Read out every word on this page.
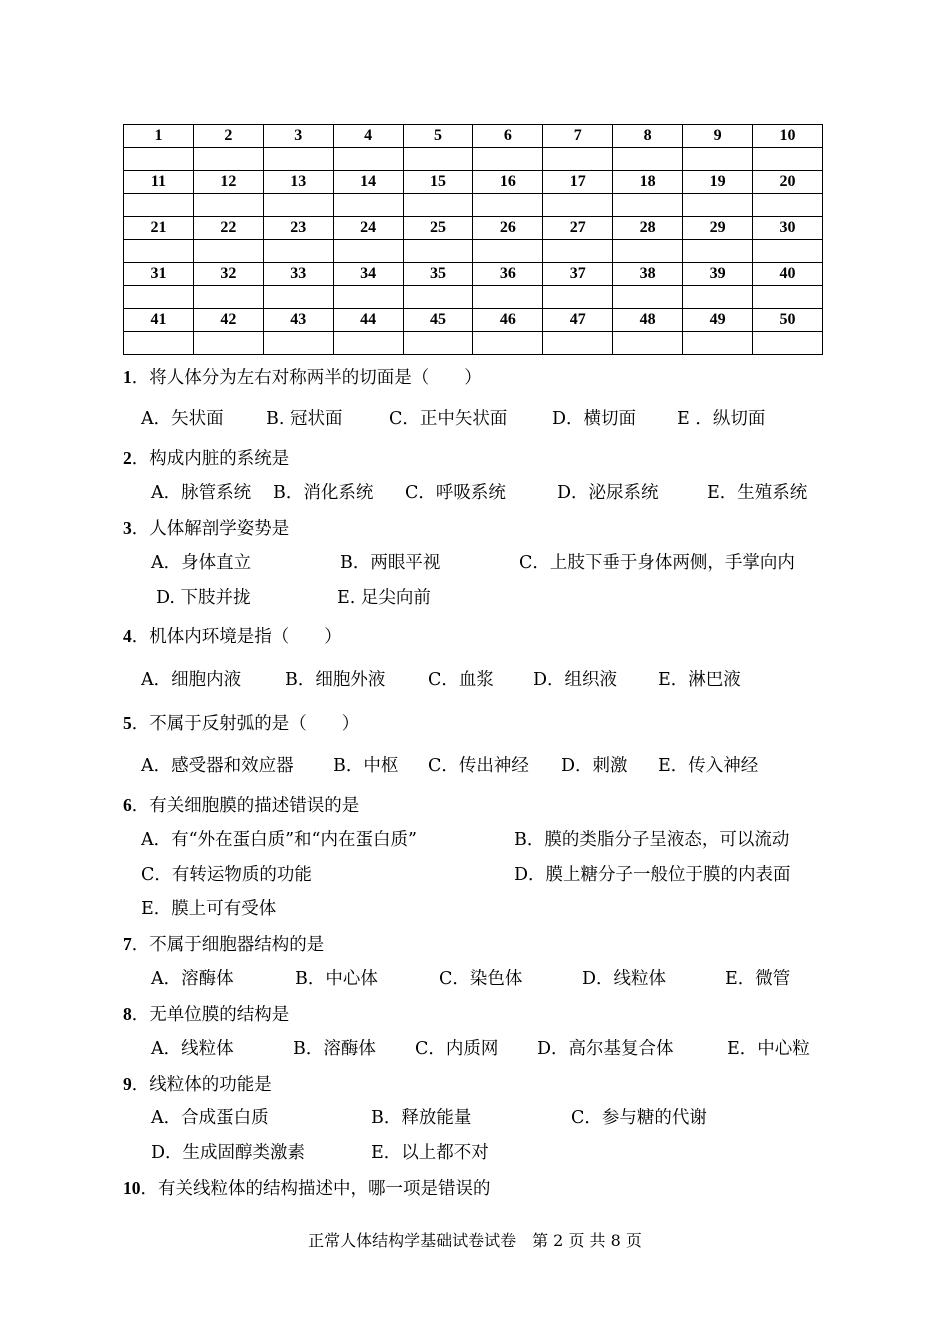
1	2	3	4	5	6	7	8	9	10

11	12	13	14	15	16	17	18	19	20

21	22	23	24	25	26	27	28	29	30

31	32	33	34	35	36	37	38	39	40

41	42	43	44	45	46	47	48	49	50

1．将人体分为左右对称两半的切面是（　　）
A．矢状面 B. 冠状面	C．正中矢状面	D．横切面 E ．纵切面
2．构成内脏的系统是
A．脉管系统 B．消化系统 C．呼吸系统	D．泌尿系统	E．生殖系统
3．人体解剖学姿势是
A．身体直立	B．两眼平视	C．上肢下垂于身体两侧，手掌向内
D. 下肢并拢	E. 足尖向前
4．机体内环境是指（　　）
A．细胞内液	B．细胞外液 C．血浆 D．组织液 E．淋巴液
5．不属于反射弧的是（　　）
A．感受器和效应器 B．中枢 C．传出神经 D．刺激 E．传入神经
6．有关细胞膜的描述错误的是
A．有“外在蛋白质”和“内在蛋白质”	B．膜的类脂分子呈液态，可以流动
C．有转运物质的功能	D．膜上糖分子一般位于膜的内表面
E．膜上可有受体
7．不属于细胞器结构的是
A．溶酶体	B．中心体	C．染色体	D．线粒体	E．微管
8．无单位膜的结构是
A．线粒体	B．溶酶体 C．内质网 D．高尔基复合体	E．中心粒
9．线粒体的功能是
A．合成蛋白质	B．释放能量	C．参与糖的代谢
D．生成固醇类激素	E．以上都不对
10．有关线粒体的结构描述中，哪一项是错误的
正常人体结构学基础试卷试卷　第 2 页 共 8 页
